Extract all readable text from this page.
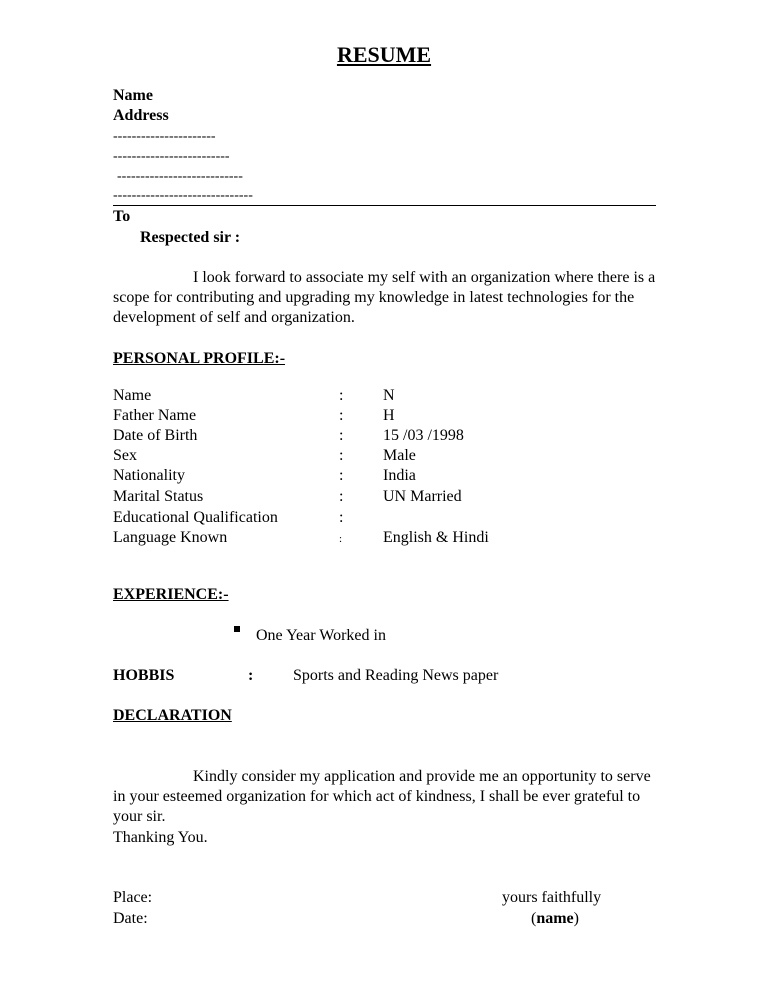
RESUME
Name
Address
----------------------
-------------------------
---------------------------
------------------------------
To
Respected sir :
I look forward to associate my self with an organization where there is a scope for contributing and upgrading my knowledge in latest technologies for the development of self and organization.
PERSONAL PROFILE:-
Name	: N
Father Name	: H
Date of Birth	: 15 /03 /1998
Sex	: Male
Nationality	: India
Marital Status	: UN Married
Educational Qualification	:
Language Known	:	English & Hindi
EXPERIENCE:-
One Year Worked in
HOBBIS	: Sports and Reading News paper
DECLARATION
Kindly consider my application and provide me an opportunity to serve in your esteemed organization for which act of kindness, I shall be ever grateful to your sir.
Thanking You.
Place:
Date:
yours faithfully
(name)
